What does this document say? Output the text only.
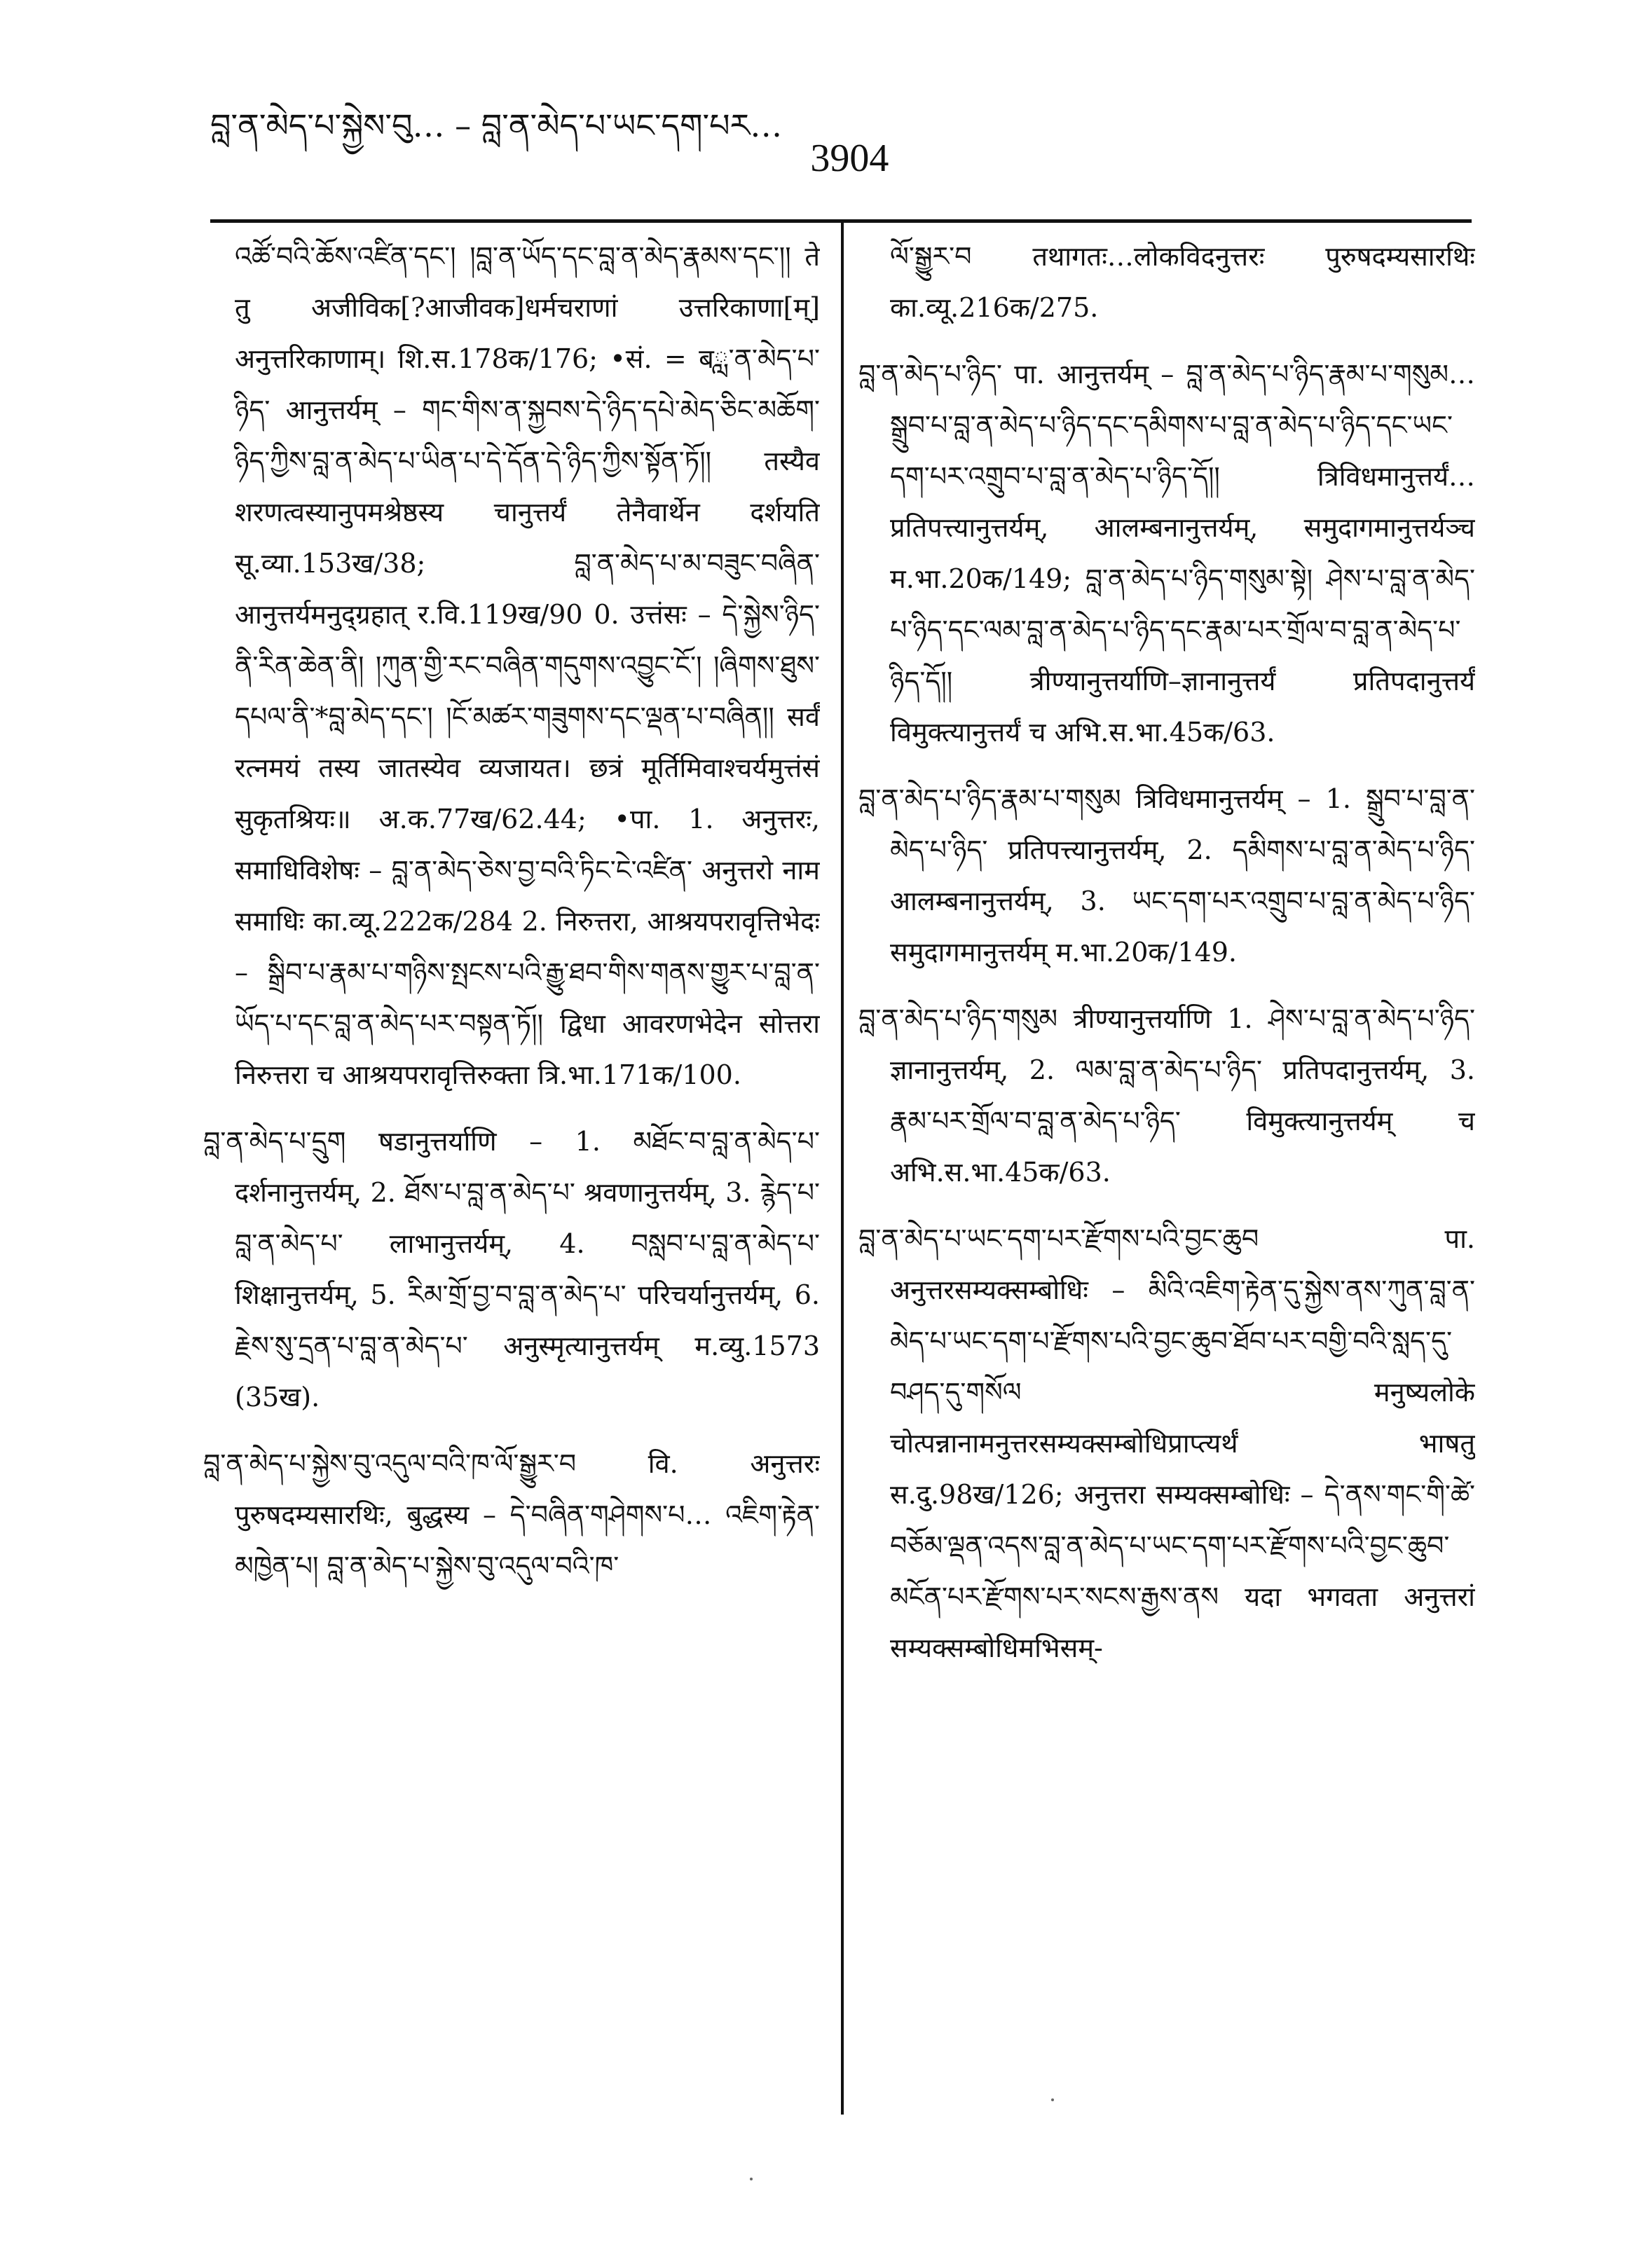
བླ་ན་མེད་པ་སྐྱེས་བུ… – བླ་ན་མེད་པ་ཡང་དག་པར…
3904

འཚོ་བའི་ཆོས་འཛིན་དང་། །བླ་ན་ཡོད་དང་བླ་ན་མེད་རྣམས་དང་།། ते तु अजीविक[?आजीवक]धर्मचराणां उत्तरिकाणा[म्] अनुत्तरिकाणाम्। शि.स.178क/176; •सं. = बླ་ན་མེད་པ་ཉིད་ आनुत्तर्यम् – གང་གིས་ན་སྐྱབས་དེ་ཉིད་དཔེ་མེད་ཅིང་མཆོག་ཉིད་ཀྱིས་བླ་ན་མེད་པ་ཡིན་པ་དེ་དོན་དེ་ཉིད་ཀྱིས་སྟོན་ཏོ།། तस्यैव शरणत्वस्यानुपमश्रेष्ठस्य चानुत्तर्यं तेनैवार्थेन दर्शयति सू.व्या.153ख/38; བླ་ན་མེད་པ་མ་བཟུང་བཞིན་ आनुत्तर्यमनुद्ग्रहात् र.वि.119ख/90 0. उत्तंसः – དེ་སྐྱེས་ཉིད་ནི་རིན་ཆེན་ནི། །ཀུན་གྱི་རང་བཞིན་གདུགས་འབྱུང་ངོ་། །ཞིགས་ཐུས་དཔལ་ནི་*བླ་མེད་དང་། །ངོ་མཚར་གཟུགས་དང་ལྡན་པ་བཞིན།། सर्वं रत्नमयं तस्य जातस्येव व्यजायत। छत्रं मूर्तिमिवाश्चर्यमुत्तंसं सुकृतश्रियः॥ अ.क.77ख/62.44; •पा. 1. अनुत्तरः, समाधिविशेषः – བླ་ན་མེད་ཅེས་བྱ་བའི་ཏིང་ངེ་འཛིན་ अनुत्तरो नाम समाधिः का.व्यू.222क/284 2. निरुत्तरा, आश्रयपरावृत्तिभेदः – སྒྲིབ་པ་རྣམ་པ་གཉིས་སྤངས་པའི་རྒྱུ་ཐབ་གིས་གནས་གྱུར་པ་བླ་ན་ཡོད་པ་དང་བླ་ན་མེད་པར་བསྟན་ཏོ།། द्विधा आवरणभेदेन सोत्तरा निरुत्तरा च आश्रयपरावृत्तिरुक्ता त्रि.भा.171क/100.

བླ་ན་མེད་པ་དྲུག षडानुत्तर्याणि – 1. མཐོང་བ་བླ་ན་མེད་པ་ दर्शनानुत्तर्यम्, 2. ཐོས་པ་བླ་ན་མེད་པ་ श्रवणानुत्तर्यम्, 3. རྙེད་པ་བླ་ན་མེད་པ་ लाभानुत्तर्यम्, 4. བསླབ་པ་བླ་ན་མེད་པ་ शिक्षानुत्तर्यम्, 5. རིམ་གྲོ་བྱ་བ་བླ་ན་མེད་པ་ परिचर्यानुत्तर्यम्, 6. རྗེས་སུ་དྲན་པ་བླ་ན་མེད་པ་ अनुस्मृत्यानुत्तर्यम् म.व्यु.1573 (35ख).

བླ་ན་མེད་པ་སྐྱེས་བུ་འདུལ་བའི་ཁ་ལོ་སྒྱུར་བ वि. अनुत्तरः पुरुषदम्यसारथिः, बुद्धस्य – དེ་བཞིན་གཤེགས་པ… འཇིག་རྟེན་མཁྱེན་པ། བླ་ན་མེད་པ་སྐྱེས་བུ་འདུལ་བའི་ཁ་

ལོ་སྒྱུར་བ तथागतः…लोकविदनुत्तरः पुरुषदम्यसारथिः का.व्यू.216क/275.

བླ་ན་མེད་པ་ཉིད་ पा. आनुत्तर्यम् – བླ་ན་མེད་པ་ཉིད་རྣམ་པ་གསུམ…སྒྲུབ་པ་བླ་ན་མེད་པ་ཉིད་དང་དམིགས་པ་བླ་ན་མེད་པ་ཉིད་དང་ཡང་དག་པར་འགྲུབ་པ་བླ་ན་མེད་པ་ཉིད་དོ།། त्रिविधमानुत्तर्यं…प्रतिपत्त्यानुत्तर्यम्, आलम्बनानुत्तर्यम्, समुदागमानुत्तर्यञ्च म.भा.20क/149; བླ་ན་མེད་པ་ཉིད་གསུམ་སྟེ། ཤེས་པ་བླ་ན་མེད་པ་ཉིད་དང་ལམ་བླ་ན་མེད་པ་ཉིད་དང་རྣམ་པར་གྲོལ་བ་བླ་ན་མེད་པ་ཉིད་དོ།། त्रीण्यानुत्तर्याणि–ज्ञानानुत्तर्यं प्रतिपदानुत्तर्यं विमुक्त्यानुत्तर्यं च अभि.स.भा.45क/63.

བླ་ན་མེད་པ་ཉིད་རྣམ་པ་གསུམ त्रिविधमानुत्तर्यम् – 1. སྒྲུབ་པ་བླ་ན་མེད་པ་ཉིད་ प्रतिपत्त्यानुत्तर्यम्, 2. དམིགས་པ་བླ་ན་མེད་པ་ཉིད་ आलम्बनानुत्तर्यम्, 3. ཡང་དག་པར་འགྲུབ་པ་བླ་ན་མེད་པ་ཉིད་ समुदागमानुत्तर्यम् म.भा.20क/149.

བླ་ན་མེད་པ་ཉིད་གསུམ त्रीण्यानुत्तर्याणि 1. ཤེས་པ་བླ་ན་མེད་པ་ཉིད་ ज्ञानानुत्तर्यम्, 2. ལམ་བླ་ན་མེད་པ་ཉིད་ प्रतिपदानुत्तर्यम्, 3. རྣམ་པར་གྲོལ་བ་བླ་ན་མེད་པ་ཉིད་ विमुक्त्यानुत्तर्यम् च अभि.स.भा.45क/63.

བླ་ན་མེད་པ་ཡང་དག་པར་རྫོགས་པའི་བྱང་ཆུབ पा. अनुत्तरसम्यक्सम्बोधिः – མིའི་འཇིག་རྟེན་དུ་སྐྱེས་ནས་ཀུན་བླ་ན་མེད་པ་ཡང་དག་པ་རྫོགས་པའི་བྱང་ཆུབ་ཐོབ་པར་བགྱི་བའི་སླད་དུ་བཤད་དུ་གསོལ मनुष्यलोके चोत्पन्नानामनुत्तरसम्यक्सम्बोधिप्राप्त्यर्थं भाषतु स.दु.98ख/126; अनुत्तरा सम्यक्सम्बोधिः – དེ་ནས་གང་གི་ཚེ་བཅོམ་ལྡན་འདས་བླ་ན་མེད་པ་ཡང་དག་པར་རྫོགས་པའི་བྱང་ཆུབ་མངོན་པར་རྫོགས་པར་སངས་རྒྱས་ནས यदा भगवता अनुत्तरां सम्यक्सम्बोधिमभिसम्-
